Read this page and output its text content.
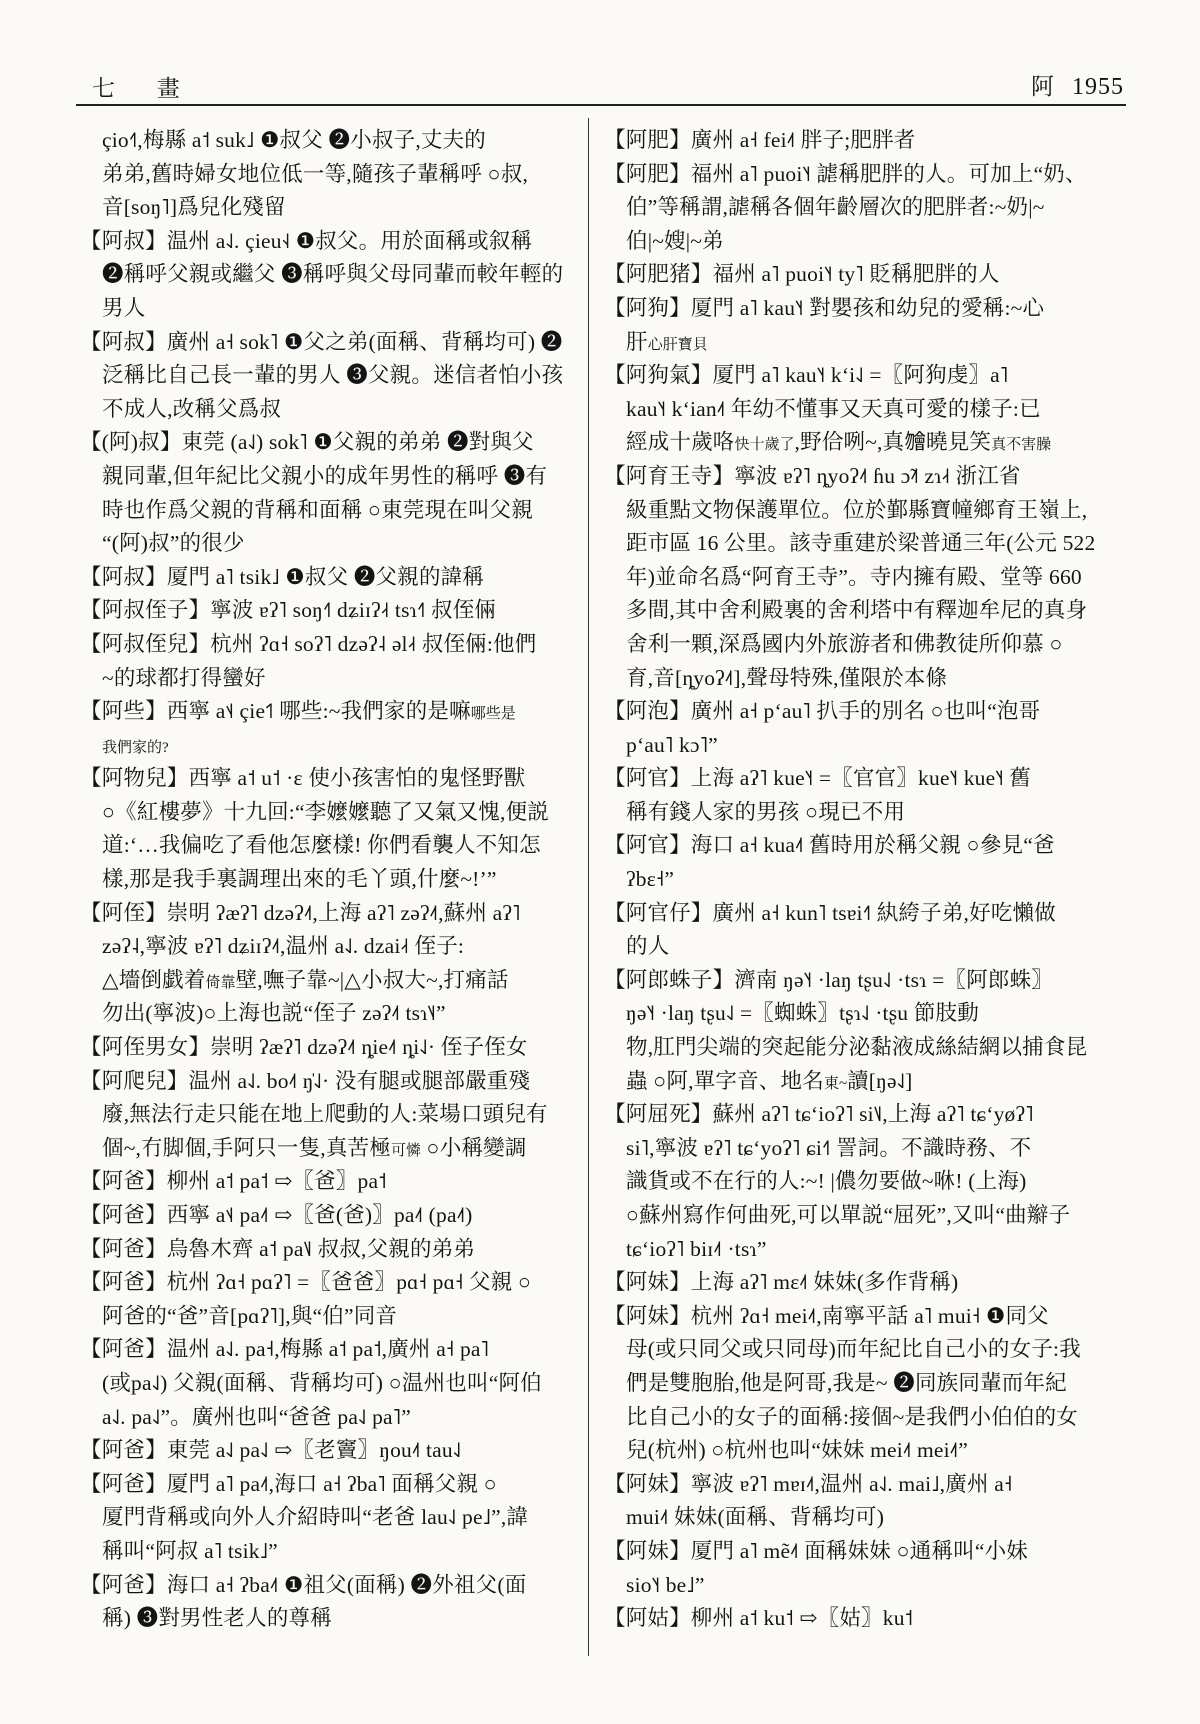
七 畫	阿 1955
çio˧˥,梅縣 a˦ suk˩ ❶叔父 ❷小叔子,丈夫的
弟弟,舊時婦女地位低一等,隨孩子輩稱呼 ○叔,
音[soŋ˥]爲兒化殘留
【阿叔】温州 a˨˩. çieu˧˨ ❶叔父。用於面稱或叙稱
❷稱呼父親或繼父 ❸稱呼與父母同輩而較年輕的
男人
【阿叔】廣州 a˧ sok˥ ❶父之弟(面稱、背稱均可) ❷
泛稱比自己長一輩的男人 ❸父親。迷信者怕小孩
不成人,改稱父爲叔
【(阿)叔】東莞 (a˨˩) sok˥ ❶父親的弟弟 ❷對與父
親同輩,但年紀比父親小的成年男性的稱呼 ❸有
時也作爲父親的背稱和面稱 ○東莞現在叫父親
“(阿)叔”的很少
【阿叔】厦門 a˥ tsik˩ ❶叔父 ❷父親的諱稱
【阿叔侄子】寧波 ɐʔ˥ soŋ˧˥ dʑiɪʔ˨˧ tsɿ˧˥ 叔侄倆
【阿叔侄兒】杭州 ʔɑ˧ soʔ˥ dzəʔ˨ əl˨˧ 叔侄倆:他們
~的球都打得蠻好
【阿些】西寧 a˦˨ çie˦˥ 哪些:~我們家的是嘛哪些是
我們家的?
【阿物兒】西寧 a˦ u˦ ·ɛ 使小孩害怕的鬼怪野獸
○《紅樓夢》十九回:“李嬤嬤聽了又氣又愧,便説
道:‘…我偏吃了看他怎麼樣! 你們看襲人不知怎
樣,那是我手裏調理出來的毛丫頭,什麼~!’”
【阿侄】崇明 ʔæʔ˥ dzəʔ˨˦,上海 aʔ˥ zəʔ˨˦,蘇州 aʔ˥
zəʔ˨,寧波 ɐʔ˥ dʑiɪʔ˨˦,温州 a˨˩. dzai˨˧ 侄子:
△墻倒戯着倚靠壁,嘸子靠~|△小叔大~,打痛話
勿出(寧波)○上海也説“侄子 zəʔ˨˦ tsɿ˥˨”
【阿侄男女】崇明 ʔæʔ˥ dzəʔ˨˦ ȵie˨˦ ȵi˨˩· 侄子侄女
【阿爬兒】温州 a˨˩. bo˨˦ ŋ̍˨˩· 没有腿或腿部嚴重殘
廢,無法行走只能在地上爬動的人:菜場口頭兒有
個~,冇脚個,手阿只一隻,真苦極可憐 ○小稱變調
【阿爸】柳州 a˦ pa˦ ⇨〖爸〗pa˦
【阿爸】西寧 a˦˨ pa˨˦ ⇨〖爸(爸)〗pa˨˦ (pa˨˦)
【阿爸】烏魯木齊 a˦ pa˥˩ 叔叔,父親的弟弟
【阿爸】杭州 ʔɑ˧ pɑʔ˥ =〖爸爸〗pɑ˧ pɑ˧ 父親 ○
阿爸的“爸”音[pɑʔ˥],與“伯”同音
【阿爸】温州 a˨˩. pa˧,梅縣 a˦ pa˦,廣州 a˧ pa˥
(或pa˨˩) 父親(面稱、背稱均可) ○温州也叫“阿伯
a˨˩. pa˨˩”。廣州也叫“爸爸 pa˨˩ pa˥”
【阿爸】東莞 a˨˩ pa˨˩ ⇨〖老竇〗ŋou˨˦ tau˨˩
【阿爸】厦門 a˥ pa˨˦,海口 a˧ ʔba˥ 面稱父親 ○
厦門背稱或向外人介紹時叫“老爸 lau˨˩ pe˩”,諱
稱叫“阿叔 a˥ tsik˩”
【阿爸】海口 a˧ ʔba˨˦ ❶祖父(面稱) ❷外祖父(面
稱) ❸對男性老人的尊稱
【阿肥】廣州 a˧ fei˨˦ 胖子;肥胖者
【阿肥】福州 a˥ puoi˥˧ 謔稱肥胖的人。可加上“奶、
伯”等稱謂,謔稱各個年齡層次的肥胖者:~奶|~
伯|~嫂|~弟
【阿肥猪】福州 a˥ puoi˥˧ ty˥ 貶稱肥胖的人
【阿狗】厦門 a˥ kau˥˧ 對嬰孩和幼兒的愛稱:~心
肝心肝寶貝
【阿狗氣】厦門 a˥ kau˥˧ kʻi˨˩ =〖阿狗虔〗a˥
kau˥˧ kʻian˨˦ 年幼不懂事又天真可愛的樣子:已
經成十歲咯快十歲了,野佮咧~,真𣍐曉見笑真不害臊
【阿育王寺】寧波 ɐʔ˥ ȵyoʔ˨˦ ɦu ɔ̃˨˦ zɿ˨˧ 浙江省
級重點文物保護單位。位於鄞縣寶幢鄉育王嶺上,
距市區 16 公里。該寺重建於梁普通三年(公元 522
年)並命名爲“阿育王寺”。寺内擁有殿、堂等 660
多間,其中舍利殿裏的舍利塔中有釋迦牟尼的真身
舍利一顆,深爲國内外旅游者和佛教徒所仰慕 ○
育,音[ȵyoʔ˨˦],聲母特殊,僅限於本條
【阿泡】廣州 a˧ pʻau˥ 扒手的別名 ○也叫“泡哥
pʻau˥ kɔ˥”
【阿官】上海 aʔ˥ kue˥˧ =〖官官〗kue˥˧ kue˥˧ 舊
稱有錢人家的男孩 ○現已不用
【阿官】海口 a˧ kua˨˦ 舊時用於稱父親 ○參見“爸
ʔbɛ˧”
【阿官仔】廣州 a˧ kun˥ tsɐi˧˥ 紈絝子弟,好吃懶做
的人
【阿郎蛛子】濟南 ŋə˥˧ ·laŋ tʂu˨˩ ·tsɿ =〖阿郎蛛〗
ŋə˥˧ ·laŋ tʂu˨˩ =〖蜘蛛〗tʂɿ˨˩ ·tʂu 節肢動
物,肛門尖端的突起能分泌黏液成絲結網以捕食昆
蟲 ○阿,單字音、地名東~讀[ŋə˨˩]
【阿屈死】蘇州 aʔ˥ tɕʻioʔ˥ si˥˩,上海 aʔ˥ tɕʻyøʔ˥
si˥,寧波 ɐʔ˥ tɕʻyoʔ˥ ɕi˧˥ 詈詞。不識時務、不
識貨或不在行的人:~! |儂勿要做~咻! (上海)
○蘇州寫作何曲死,可以單説“屈死”,又叫“曲辮子
tɕʻioʔ˥ biɪ˨˦ ·tsɿ”
【阿妹】上海 aʔ˥ mɛ˨˦ 妹妹(多作背稱)
【阿妹】杭州 ʔɑ˧ mei˨˦,南寧平話 a˥ mui˧ ❶同父
母(或只同父或只同母)而年紀比自己小的女子:我
們是雙胞胎,他是阿哥,我是~ ❷同族同輩而年紀
比自己小的女子的面稱:接個~是我們小伯伯的女
兒(杭州) ○杭州也叫“妹妹 mei˨˦ mei˨˦”
【阿妹】寧波 ɐʔ˥ mɐɪ˨˦,温州 a˨˩. mai˩,廣州 a˧
mui˨˦ 妹妹(面稱、背稱均可)
【阿妹】厦門 a˥ mẽ˨˦ 面稱妹妹 ○通稱叫“小妹
sio˥˧ be˩”
【阿姑】柳州 a˦ ku˦ ⇨〖姑〗ku˦
